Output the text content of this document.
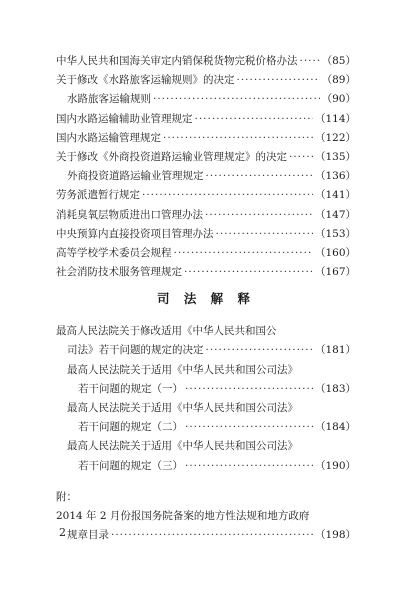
中华人民共和国海关审定内销保税货物完税价格办法 ····· （85）
关于修改《水路旅客运输规则》的决定 ·····	（89）
水路旅客运输规则 ·····	（90）
国内水路运输辅助业管理规定 ·····	（114）
国内水路运输管理规定 ·····	（122）
关于修改《外商投资道路运输业管理规定》的决定 ·····	（135）
外商投资道路运输业管理规定 ·····	（136）
劳务派遣暂行规定 ·····	（141）
消耗臭氧层物质进出口管理办法 ·····	（147）
中央预算内直接投资项目管理办法 ·····	（153）
高等学校学术委员会规程 ·····	（160）
社会消防技术服务管理规定 ·····	（167）
司 法 解 释
最高人民法院关于修改适用《中华人民共和国公
司法》若干问题的规定的决定 ·····	（181）
最高人民法院关于适用《中华人民共和国公司法》
若干问题的规定（一） ·····	（183）
最高人民法院关于适用《中华人民共和国公司法》
若干问题的规定（二） ·····	（184）
最高人民法院关于适用《中华人民共和国公司法》
若干问题的规定（三） ·····	（190）
附：
2014 年 2 月份报国务院备案的地方性法规和地方政府
规章目录 ·····	（198）
2
